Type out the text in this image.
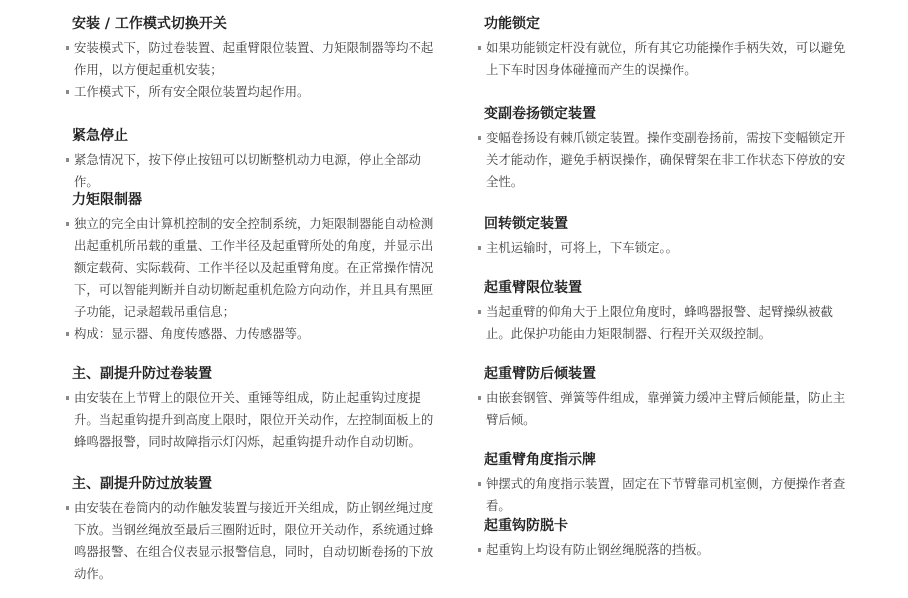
安装 / 工作模式切换开关
安装模式下，防过卷装置、起重臂限位装置、力矩限制器等均不起作用，以方便起重机安装；
工作模式下，所有安全限位装置均起作用。
紧急停止
紧急情况下，按下停止按钮可以切断整机动力电源，停止全部动作。
力矩限制器
独立的完全由计算机控制的安全控制系统，力矩限制器能自动检测出起重机所吊载的重量、工作半径及起重臂所处的角度，并显示出额定载荷、实际载荷、工作半径以及起重臂角度。在正常操作情况下，可以智能判断并自动切断起重机危险方向动作，并且具有黑匣子功能，记录超载吊重信息；
构成：显示器、角度传感器、力传感器等。
主、副提升防过卷装置
由安装在上节臂上的限位开关、重锤等组成，防止起重钩过度提升。当起重钩提升到高度上限时，限位开关动作，左控制面板上的蜂鸣器报警，同时故障指示灯闪烁，起重钩提升动作自动切断。
主、副提升防过放装置
由安装在卷筒内的动作触发装置与接近开关组成，防止钢丝绳过度下放。当钢丝绳放至最后三圈附近时，限位开关动作，系统通过蜂鸣器报警、在组合仪表显示报警信息，同时，自动切断卷扬的下放动作。
功能锁定
如果功能锁定杆没有就位，所有其它功能操作手柄失效，可以避免上下车时因身体碰撞而产生的误操作。
变副卷扬锁定装置
变幅卷扬设有棘爪锁定装置。操作变副卷扬前，需按下变幅锁定开关才能动作，避免手柄误操作，确保臂架在非工作状态下停放的安全性。
回转锁定装置
主机运输时，可将上，下车锁定。。
起重臂限位装置
当起重臂的仰角大于上限位角度时，蜂鸣器报警、起臂操纵被截止。此保护功能由力矩限制器、行程开关双级控制。
起重臂防后倾装置
由嵌套钢管、弹簧等件组成，靠弹簧力缓冲主臂后倾能量，防止主臂后倾。
起重臂角度指示牌
钟摆式的角度指示装置，固定在下节臂靠司机室侧，方便操作者查看。
起重钩防脱卡
起重钩上均设有防止钢丝绳脱落的挡板。
